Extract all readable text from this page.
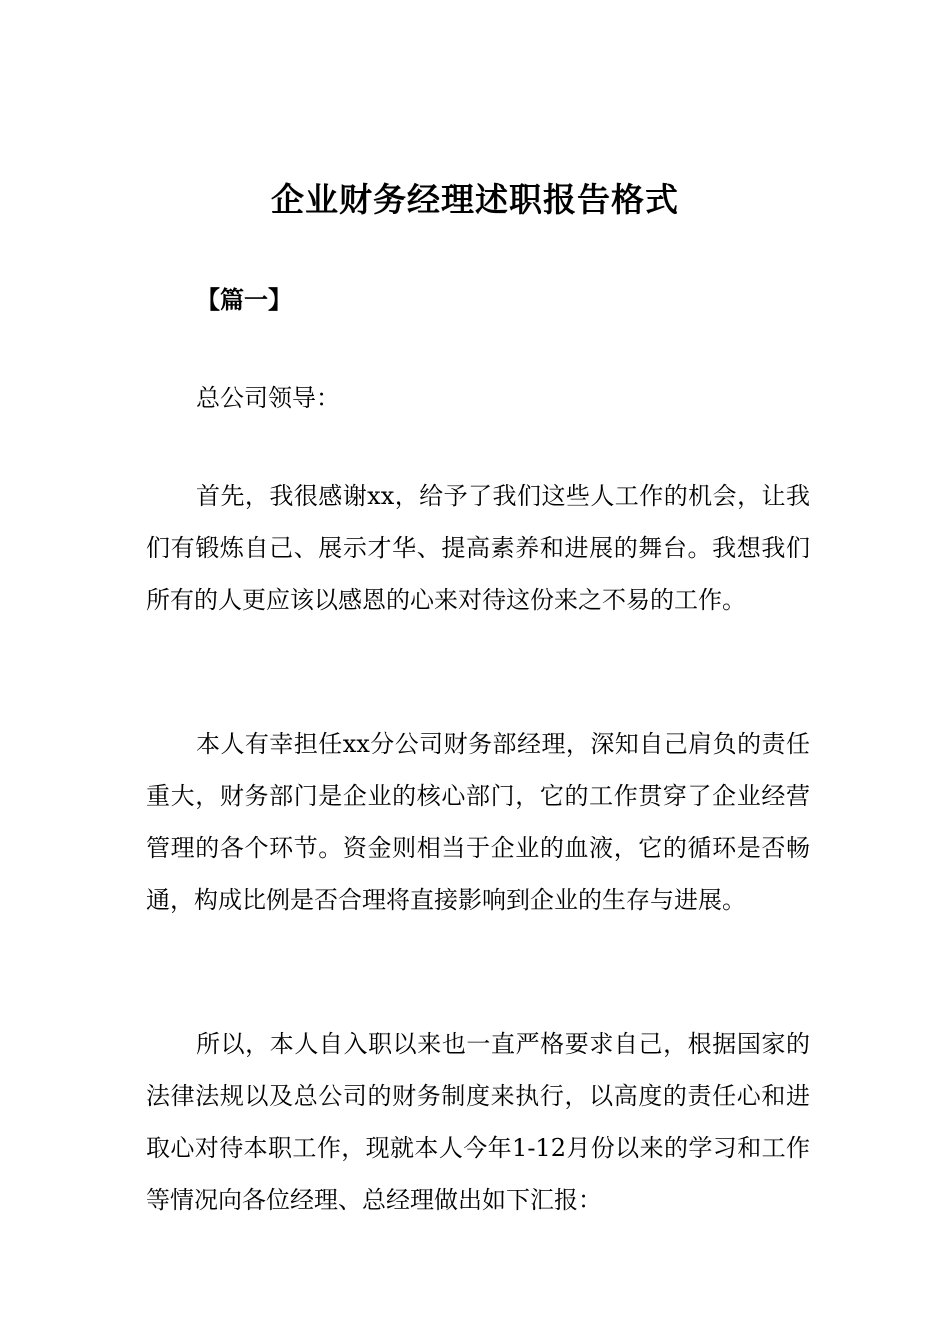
企业财务经理述职报告格式
【篇一】
总公司领导：

首先，我很感谢xx，给予了我们这些人工作的机会，让我们有锻炼自己、展示才华、提高素养和进展的舞台。我想我们所有的人更应该以感恩的心来对待这份来之不易的工作。

本人有幸担任xx分公司财务部经理，深知自己肩负的责任重大，财务部门是企业的核心部门，它的工作贯穿了企业经营管理的各个环节。资金则相当于企业的血液，它的循环是否畅通，构成比例是否合理将直接影响到企业的生存与进展。

所以，本人自入职以来也一直严格要求自己，根据国家的法律法规以及总公司的财务制度来执行，以高度的责任心和进取心对待本职工作，现就本人今年1-12月份以来的学习和工作等情况向各位经理、总经理做出如下汇报：
